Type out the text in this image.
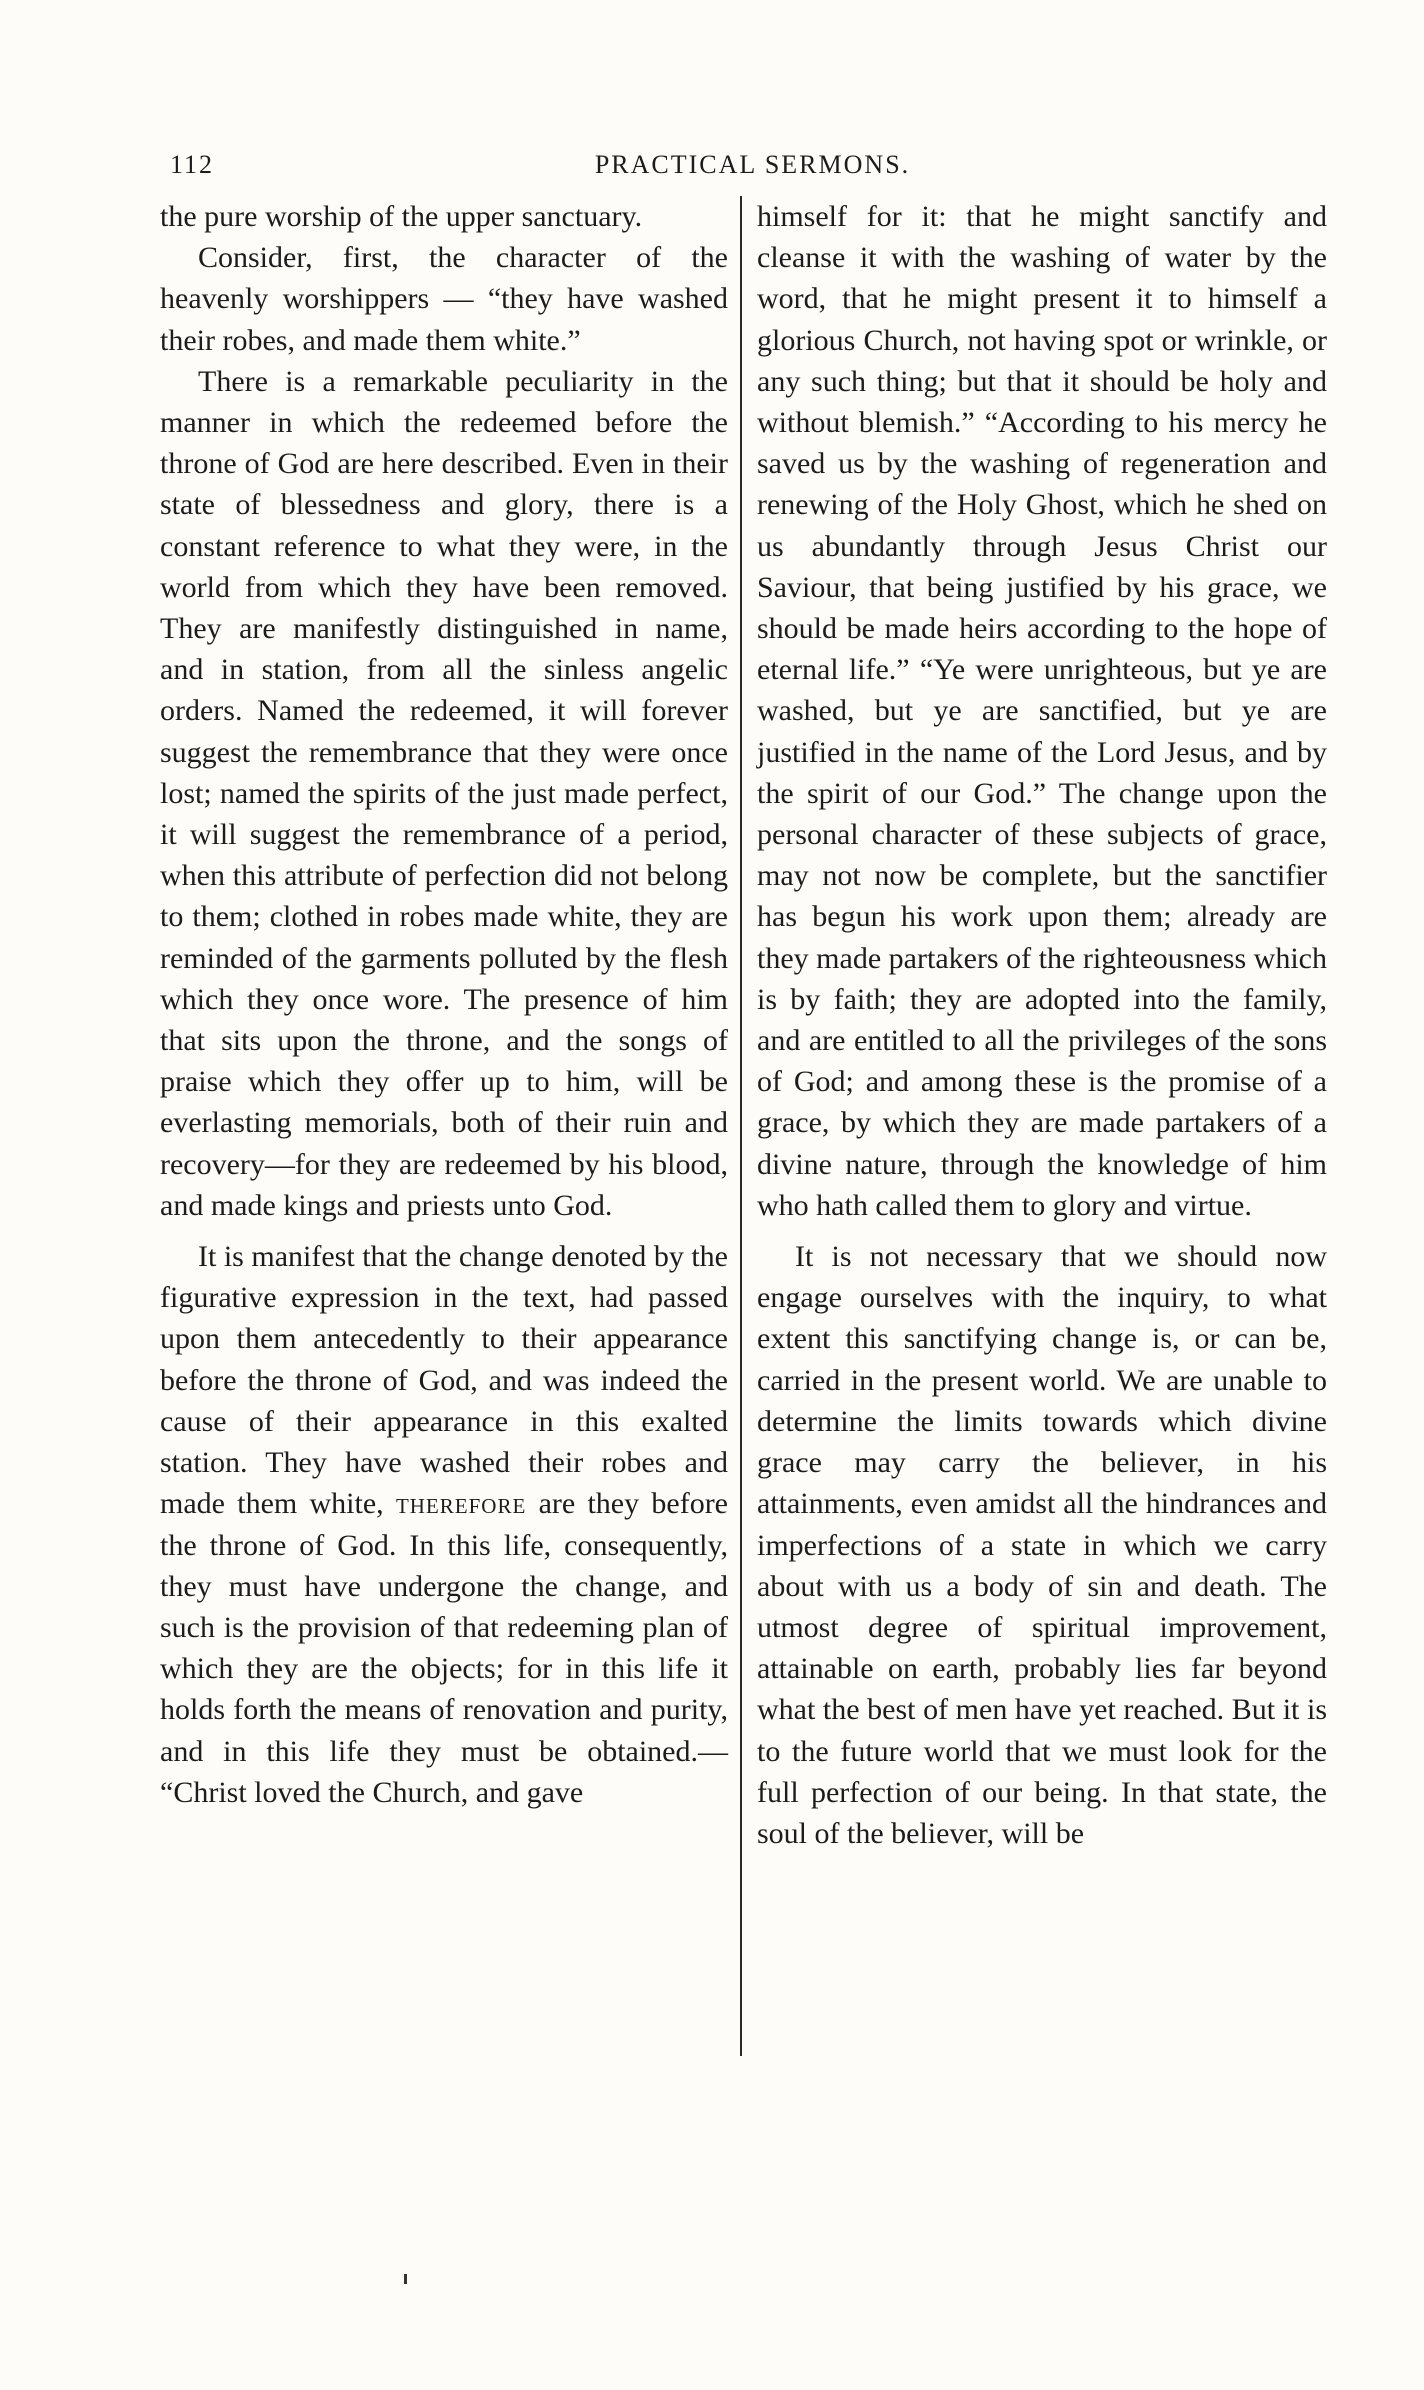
112	PRACTICAL SERMONS.

the pure worship of the upper sanctuary.

Consider, first, the character of the heavenly worshippers — “they have washed their robes, and made them white.”

There is a remarkable peculiarity in the manner in which the redeemed before the throne of God are here described. Even in their state of blessedness and glory, there is a constant reference to what they were, in the world from which they have been removed. They are manifestly distinguished in name, and in station, from all the sinless angelic orders. Named the redeemed, it will forever suggest the remembrance that they were once lost; named the spirits of the just made perfect, it will suggest the remembrance of a period, when this attribute of perfection did not belong to them; clothed in robes made white, they are reminded of the garments polluted by the flesh which they once wore. The presence of him that sits upon the throne, and the songs of praise which they offer up to him, will be everlasting memorials, both of their ruin and recovery—for they are redeemed by his blood, and made kings and priests unto God.

It is manifest that the change denoted by the figurative expression in the text, had passed upon them antecedently to their appearance before the throne of God, and was indeed the cause of their appearance in this exalted station. They have washed their robes and made them white, therefore are they before the throne of God. In this life, consequently, they must have undergone the change, and such is the provision of that redeeming plan of which they are the objects; for in this life it holds forth the means of renovation and purity, and in this life they must be obtained.— “Christ loved the Church, and gave

himself for it: that he might sanctify and cleanse it with the washing of water by the word, that he might present it to himself a glorious Church, not having spot or wrinkle, or any such thing; but that it should be holy and without blemish.” “According to his mercy he saved us by the washing of regeneration and renewing of the Holy Ghost, which he shed on us abundantly through Jesus Christ our Saviour, that being justified by his grace, we should be made heirs according to the hope of eternal life.” “Ye were unrighteous, but ye are washed, but ye are sanctified, but ye are justified in the name of the Lord Jesus, and by the spirit of our God.” The change upon the personal character of these subjects of grace, may not now be complete, but the sanctifier has begun his work upon them; already are they made partakers of the righteousness which is by faith; they are adopted into the family, and are entitled to all the privileges of the sons of God; and among these is the promise of a grace, by which they are made partakers of a divine nature, through the knowledge of him who hath called them to glory and virtue.

It is not necessary that we should now engage ourselves with the inquiry, to what extent this sanctifying change is, or can be, carried in the present world. We are unable to determine the limits towards which divine grace may carry the believer, in his attainments, even amidst all the hindrances and imperfections of a state in which we carry about with us a body of sin and death. The utmost degree of spiritual improvement, attainable on earth, probably lies far beyond what the best of men have yet reached. But it is to the future world that we must look for the full perfection of our being. In that state, the soul of the believer, will be
